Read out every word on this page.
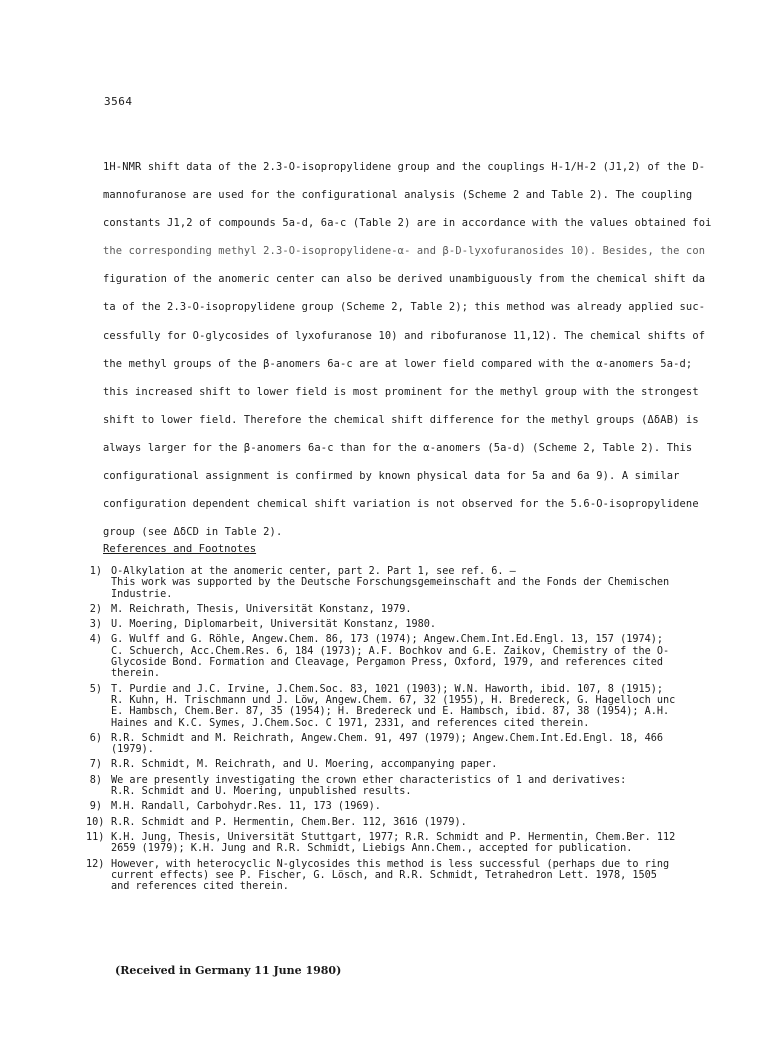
3564
1H-NMR shift data of the 2.3-O-isopropylidene group and the couplings H-1/H-2 (J1,2) of the D-
mannofuranose are used for the configurational analysis (Scheme 2 and Table 2). The coupling
constants J1,2 of compounds 5a-d, 6a-c (Table 2) are in accordance with the values obtained foi
the corresponding methyl 2.3-O-isopropylidene-α- and β-D-lyxofuranosides 10). Besides, the con
figuration of the anomeric center can also be derived unambiguously from the chemical shift da
ta of the 2.3-O-isopropylidene group (Scheme 2, Table 2); this method was already applied suc-
cessfully for O-glycosides of lyxofuranose 10) and ribofuranose 11,12). The chemical shifts of
the methyl groups of the β-anomers 6a-c are at lower field compared with the α-anomers 5a-d;
this increased shift to lower field is most prominent for the methyl group with the strongest
shift to lower field. Therefore the chemical shift difference for the methyl groups (ΔδAB) is
always larger for the β-anomers 6a-c than for the α-anomers (5a-d) (Scheme 2, Table 2). This
configurational assignment is confirmed by known physical data for 5a and 6a 9). A similar
configuration dependent chemical shift variation is not observed for the 5.6-O-isopropylidene
group (see ΔδCD in Table 2).
References and Footnotes
1) O-Alkylation at the anomeric center, part 2. Part 1, see ref. 6. —
This work was supported by the Deutsche Forschungsgemeinschaft and the Fonds der Chemischen
Industrie.
2) M. Reichrath, Thesis, Universität Konstanz, 1979.
3) U. Moering, Diplomarbeit, Universität Konstanz, 1980.
4) G. Wulff and G. Röhle, Angew.Chem. 86, 173 (1974); Angew.Chem.Int.Ed.Engl. 13, 157 (1974);
C. Schuerch, Acc.Chem.Res. 6, 184 (1973); A.F. Bochkov and G.E. Zaikov, Chemistry of the O-
Glycoside Bond. Formation and Cleavage, Pergamon Press, Oxford, 1979, and references cited
therein.
5) T. Purdie and J.C. Irvine, J.Chem.Soc. 83, 1021 (1903); W.N. Haworth, ibid. 107, 8 (1915);
R. Kuhn, H. Trischmann und J. Löw, Angew.Chem. 67, 32 (1955), H. Bredereck, G. Hagelloch unc
E. Hambsch, Chem.Ber. 87, 35 (1954); H. Bredereck und E. Hambsch, ibid. 87, 38 (1954); A.H.
Haines and K.C. Symes, J.Chem.Soc. C 1971, 2331, and references cited therein.
6) R.R. Schmidt and M. Reichrath, Angew.Chem. 91, 497 (1979); Angew.Chem.Int.Ed.Engl. 18, 466
(1979).
7) R.R. Schmidt, M. Reichrath, and U. Moering, accompanying paper.
8) We are presently investigating the crown ether characteristics of 1 and derivatives:
R.R. Schmidt and U. Moering, unpublished results.
9) M.H. Randall, Carbohydr.Res. 11, 173 (1969).
10) R.R. Schmidt and P. Hermentin, Chem.Ber. 112, 3616 (1979).
11) K.H. Jung, Thesis, Universität Stuttgart, 1977; R.R. Schmidt and P. Hermentin, Chem.Ber. 112
2659 (1979); K.H. Jung and R.R. Schmidt, Liebigs Ann.Chem., accepted for publication.
12) However, with heterocyclic N-glycosides this method is less successful (perhaps due to ring
current effects) see P. Fischer, G. Lösch, and R.R. Schmidt, Tetrahedron Lett. 1978, 1505
and references cited therein.
(Received in Germany 11 June 1980)
